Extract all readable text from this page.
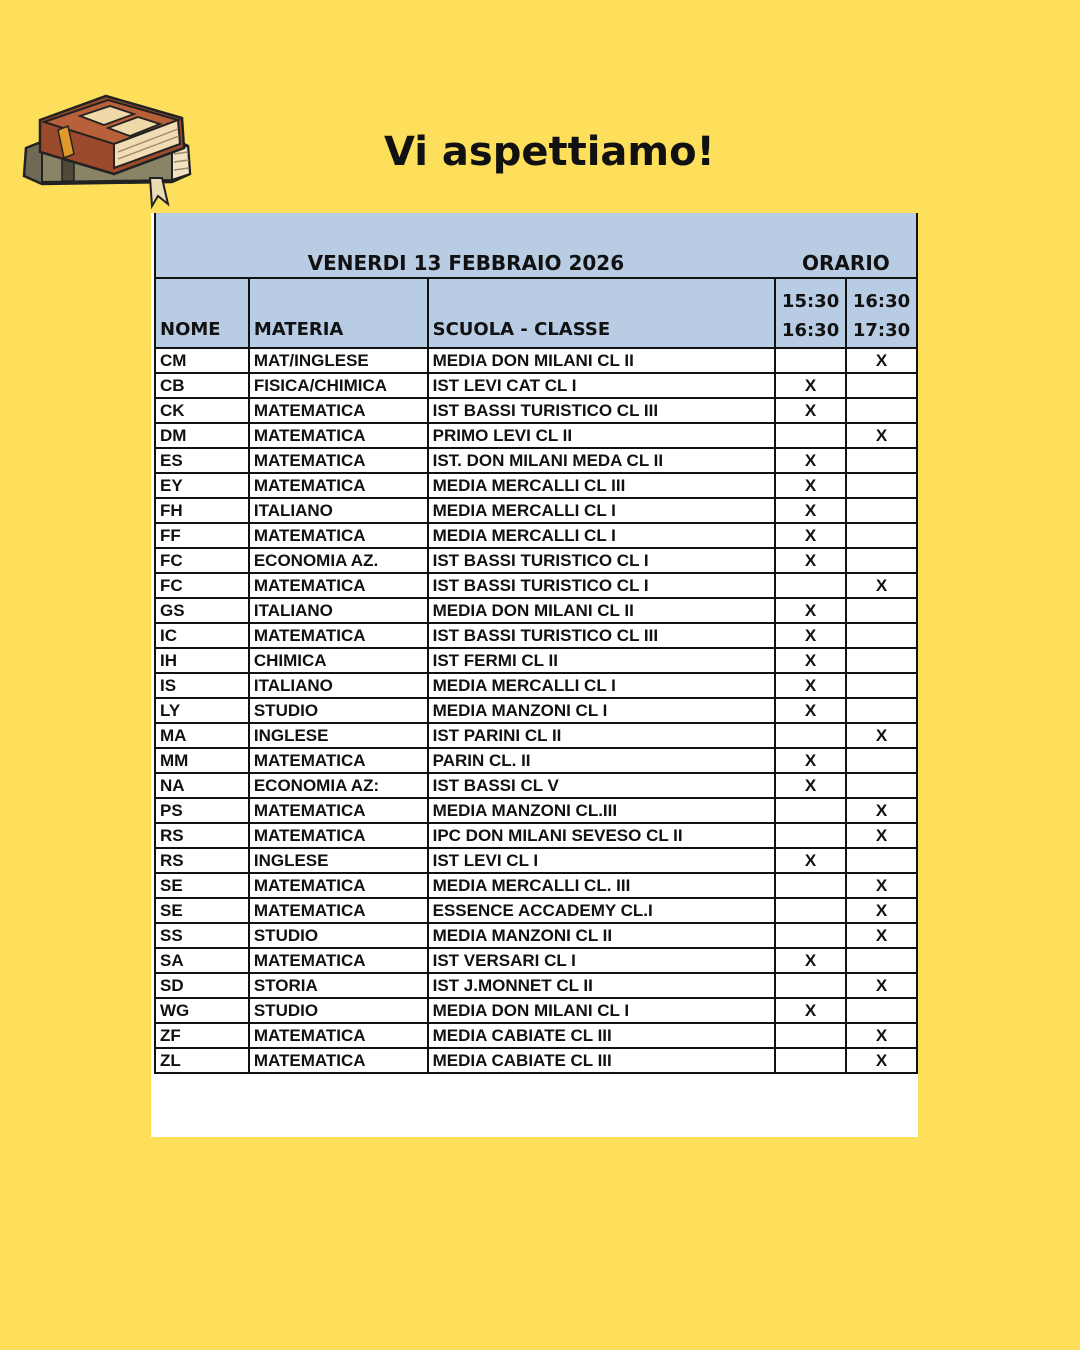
Vi aspettiamo!
		VENERDI 13 FEBBRAIO 2026		ORARIO
			15:30	16:30
NOME	MATERIA	SCUOLA - CLASSE	16:30	17:30
CM	MAT/INGLESE	MEDIA DON MILANI CL II		X
CB	FISICA/CHIMICA	IST LEVI CAT CL I	X	
CK	MATEMATICA	IST BASSI TURISTICO CL III	X	
DM	MATEMATICA	PRIMO LEVI CL II		X
ES	MATEMATICA	IST. DON MILANI MEDA CL II	X	
EY	MATEMATICA	MEDIA MERCALLI CL III	X	
FH	ITALIANO	MEDIA MERCALLI CL I	X	
FF	MATEMATICA	MEDIA MERCALLI CL I	X	
FC	ECONOMIA AZ.	IST BASSI TURISTICO CL I	X	
FC	MATEMATICA	IST BASSI TURISTICO CL I		X
GS	ITALIANO	MEDIA DON MILANI CL II	X	
IC	MATEMATICA	IST BASSI TURISTICO CL III	X	
IH	CHIMICA	IST FERMI CL II	X	
IS	ITALIANO	MEDIA MERCALLI CL I	X	
LY	STUDIO	MEDIA MANZONI CL I	X	
MA	INGLESE	IST PARINI CL II		X
MM	MATEMATICA	PARIN CL. II	X	
NA	ECONOMIA AZ:	IST BASSI CL V	X	
PS	MATEMATICA	MEDIA MANZONI CL.III		X
RS	MATEMATICA	IPC DON MILANI SEVESO CL II		X
RS	INGLESE	IST LEVI CL I	X	
SE	MATEMATICA	MEDIA MERCALLI CL. III		X
SE	MATEMATICA	ESSENCE ACCADEMY CL.I		X
SS	STUDIO	MEDIA MANZONI CL II		X
SA	MATEMATICA	IST VERSARI CL I	X	
SD	STORIA	IST J.MONNET CL II		X
WG	STUDIO	MEDIA DON MILANI CL I	X	
ZF	MATEMATICA	MEDIA CABIATE CL III		X
ZL	MATEMATICA	MEDIA CABIATE CL III		X
